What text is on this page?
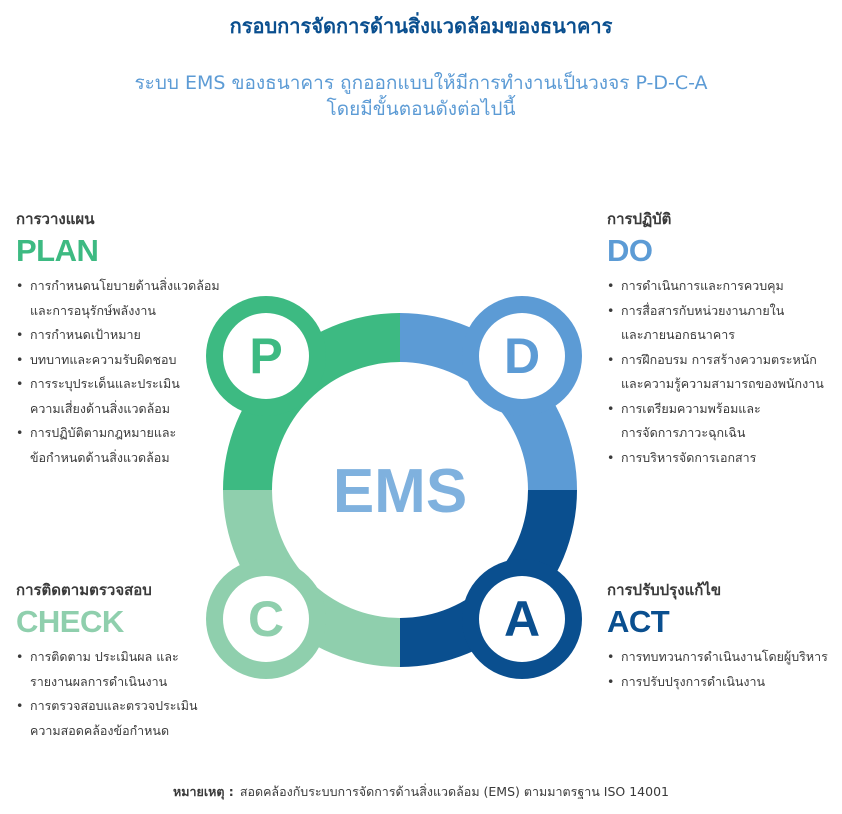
กรอบการจัดการด้านสิ่งแวดล้อมของธนาคาร
ระบบ EMS ของธนาคาร ถูกออกแบบให้มีการทำงานเป็นวงจร P-D-C-A
โดยมีขั้นตอนดังต่อไปนี้
การวางแผน
PLAN
• การกำหนดนโยบายด้านสิ่งแวดล้อม
และการอนุรักษ์พลังงาน
• การกำหนดเป้าหมาย
• บทบาทและความรับผิดชอบ
• การระบุประเด็นและประเมิน
ความเสี่ยงด้านสิ่งแวดล้อม
• การปฏิบัติตามกฎหมายและ
ข้อกำหนดด้านสิ่งแวดล้อม
การปฏิบัติ
DO
• การดำเนินการและการควบคุม
• การสื่อสารกับหน่วยงานภายใน
และภายนอกธนาคาร
• การฝึกอบรม การสร้างความตระหนัก
และความรู้ความสามารถของพนักงาน
• การเตรียมความพร้อมและ
การจัดการภาวะฉุกเฉิน
• การบริหารจัดการเอกสาร
การติดตามตรวจสอบ
CHECK
• การติดตาม ประเมินผล และ
รายงานผลการดำเนินงาน
• การตรวจสอบและตรวจประเมิน
ความสอดคล้องข้อกำหนด
การปรับปรุงแก้ไข
ACT
• การทบทวนการดำเนินงานโดยผู้บริหาร
• การปรับปรุงการดำเนินงาน
P	D
C	A
EMS
หมายเหตุ : สอดคล้องกับระบบการจัดการด้านสิ่งแวดล้อม (EMS) ตามมาตรฐาน ISO 14001
